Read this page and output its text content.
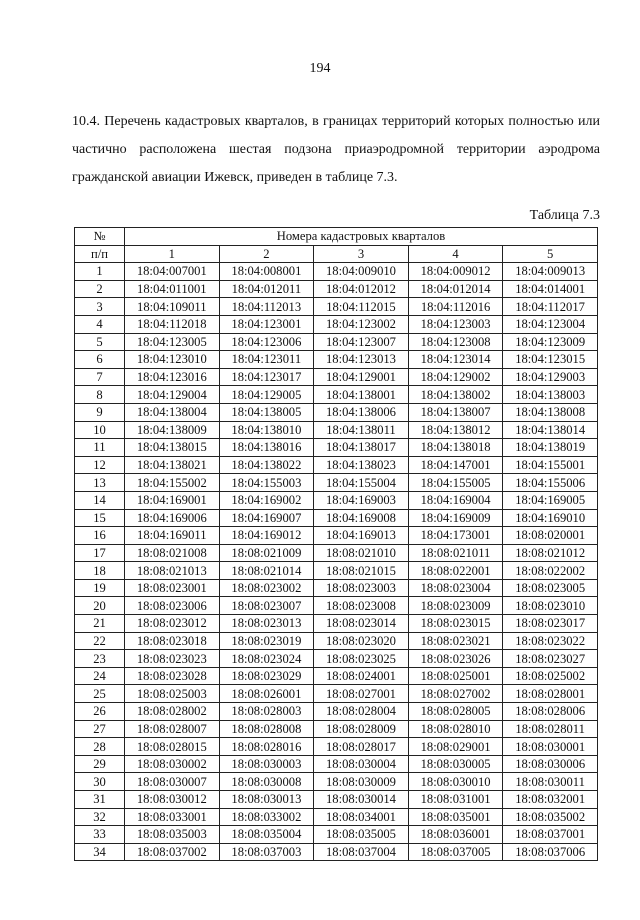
194

10.4. Перечень кадастровых кварталов, в границах территорий которых полностью или частично расположена шестая подзона приаэродромной территории аэродрома гражданской авиации Ижевск, приведен в таблице 7.3.

Таблица 7.3
№	Номера кадастровых кварталов				
п/п	1	2	3	4	5
1	18:04:007001	18:04:008001	18:04:009010	18:04:009012	18:04:009013
2	18:04:011001	18:04:012011	18:04:012012	18:04:012014	18:04:014001
3	18:04:109011	18:04:112013	18:04:112015	18:04:112016	18:04:112017
4	18:04:112018	18:04:123001	18:04:123002	18:04:123003	18:04:123004
5	18:04:123005	18:04:123006	18:04:123007	18:04:123008	18:04:123009
6	18:04:123010	18:04:123011	18:04:123013	18:04:123014	18:04:123015
7	18:04:123016	18:04:123017	18:04:129001	18:04:129002	18:04:129003
8	18:04:129004	18:04:129005	18:04:138001	18:04:138002	18:04:138003
9	18:04:138004	18:04:138005	18:04:138006	18:04:138007	18:04:138008
10	18:04:138009	18:04:138010	18:04:138011	18:04:138012	18:04:138014
11	18:04:138015	18:04:138016	18:04:138017	18:04:138018	18:04:138019
12	18:04:138021	18:04:138022	18:04:138023	18:04:147001	18:04:155001
13	18:04:155002	18:04:155003	18:04:155004	18:04:155005	18:04:155006
14	18:04:169001	18:04:169002	18:04:169003	18:04:169004	18:04:169005
15	18:04:169006	18:04:169007	18:04:169008	18:04:169009	18:04:169010
16	18:04:169011	18:04:169012	18:04:169013	18:04:173001	18:08:020001
17	18:08:021008	18:08:021009	18:08:021010	18:08:021011	18:08:021012
18	18:08:021013	18:08:021014	18:08:021015	18:08:022001	18:08:022002
19	18:08:023001	18:08:023002	18:08:023003	18:08:023004	18:08:023005
20	18:08:023006	18:08:023007	18:08:023008	18:08:023009	18:08:023010
21	18:08:023012	18:08:023013	18:08:023014	18:08:023015	18:08:023017
22	18:08:023018	18:08:023019	18:08:023020	18:08:023021	18:08:023022
23	18:08:023023	18:08:023024	18:08:023025	18:08:023026	18:08:023027
24	18:08:023028	18:08:023029	18:08:024001	18:08:025001	18:08:025002
25	18:08:025003	18:08:026001	18:08:027001	18:08:027002	18:08:028001
26	18:08:028002	18:08:028003	18:08:028004	18:08:028005	18:08:028006
27	18:08:028007	18:08:028008	18:08:028009	18:08:028010	18:08:028011
28	18:08:028015	18:08:028016	18:08:028017	18:08:029001	18:08:030001
29	18:08:030002	18:08:030003	18:08:030004	18:08:030005	18:08:030006
30	18:08:030007	18:08:030008	18:08:030009	18:08:030010	18:08:030011
31	18:08:030012	18:08:030013	18:08:030014	18:08:031001	18:08:032001
32	18:08:033001	18:08:033002	18:08:034001	18:08:035001	18:08:035002
33	18:08:035003	18:08:035004	18:08:035005	18:08:036001	18:08:037001
34	18:08:037002	18:08:037003	18:08:037004	18:08:037005	18:08:037006
